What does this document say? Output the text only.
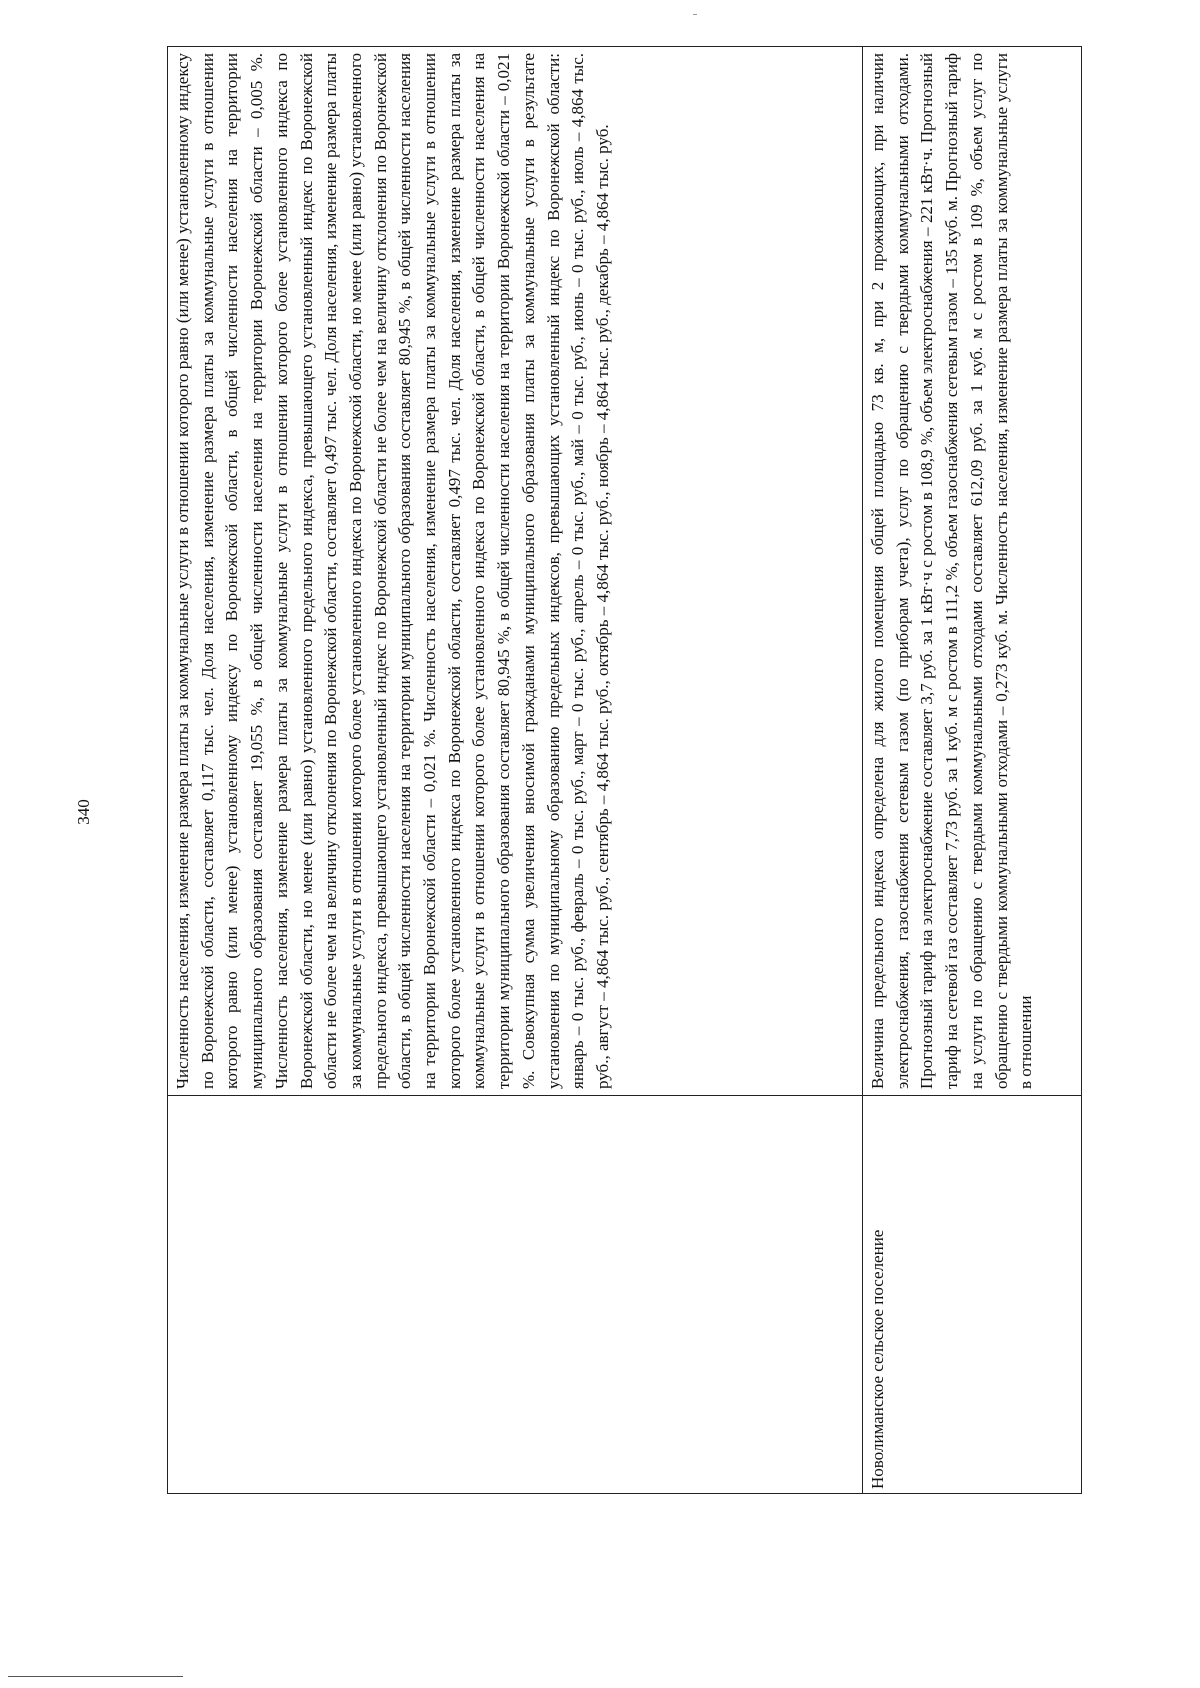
340	Численность населения, изменение размера платы за коммунальные услуги в отношении которого равно (или менее) установленному индексу по Воронежской области, составляет 0,117 тыс. чел. Доля населения, изменение размера платы за коммунальные услуги в отношении которого равно (или менее) установленному индексу по Воронежской области, в общей численности населения на территории муниципального образования составляет 19,055 %, в общей численности населения на территории Воронежской области – 0,005 %. Численность населения, изменение размера платы за коммунальные услуги в отношении которого более установленного индекса по Воронежской области, но менее (или равно) установленного предельного индекса, превышающего установленный индекс по Воронежской области не более чем на величину отклонения по Воронежской области, составляет 0,497 тыс. чел. Доля населения, изменение размера платы за коммунальные услуги в отношении которого более установленного индекса по Воронежской области, но менее (или равно) установленного предельного индекса, превышающего установленный индекс по Воронежской области не более чем на величину отклонения по Воронежской области, в общей численности населения на территории муниципального образования составляет 80,945 %, в общей численности населения на территории Воронежской области – 0,021 %. Численность населения, изменение размера платы за коммунальные услуги в отношении которого более установленного индекса по Воронежской области, составляет 0,497 тыс. чел. Доля населения, изменение размера платы за коммунальные услуги в отношении которого более установленного индекса по Воронежской области, в общей численности населения на территории муниципального образования составляет 80,945 %, в общей численности населения на территории Воронежской области – 0,021 %. Совокупная сумма увеличения вносимой гражданами муниципального образования платы за коммунальные услуги в результате установления по муниципальному образованию предельных индексов, превышающих установленный индекс по Воронежской области: январь – 0 тыс. руб., февраль – 0 тыс. руб., март – 0 тыс. руб., апрель – 0 тыс. руб., май – 0 тыс. руб., июнь – 0 тыс. руб., июль – 4,864 тыс. руб., август – 4,864 тыс. руб., сентябрь – 4,864 тыс. руб., октябрь – 4,864 тыс. руб., ноябрь – 4,864 тыс. руб., декабрь – 4,864 тыс. руб.
Новолиманское сельское поселение
Величина предельного индекса определена для жилого помещения общей площадью 73 кв. м, при 2 проживающих, при наличии электроснабжения, газоснабжения сетевым газом (по приборам учета), услуг по обращению с твердыми коммунальными отходами. Прогнозный тариф на электроснабжение составляет 3,7 руб. за 1 кВт·ч с ростом в 108,9 %, объем электроснабжения – 221 кВт·ч. Прогнозный тариф на сетевой газ составляет 7,73 руб. за 1 куб. м с ростом в 111,2 %, объем газоснабжения сетевым газом – 135 куб. м. Прогнозный тариф на услуги по обращению с твердыми коммунальными отходами составляет 612,09 руб. за 1 куб. м с ростом в 109 %, объем услуг по обращению с твердыми коммунальными отходами – 0,273 куб. м. Численность населения, изменение размера платы за коммунальные услуги в отношении
